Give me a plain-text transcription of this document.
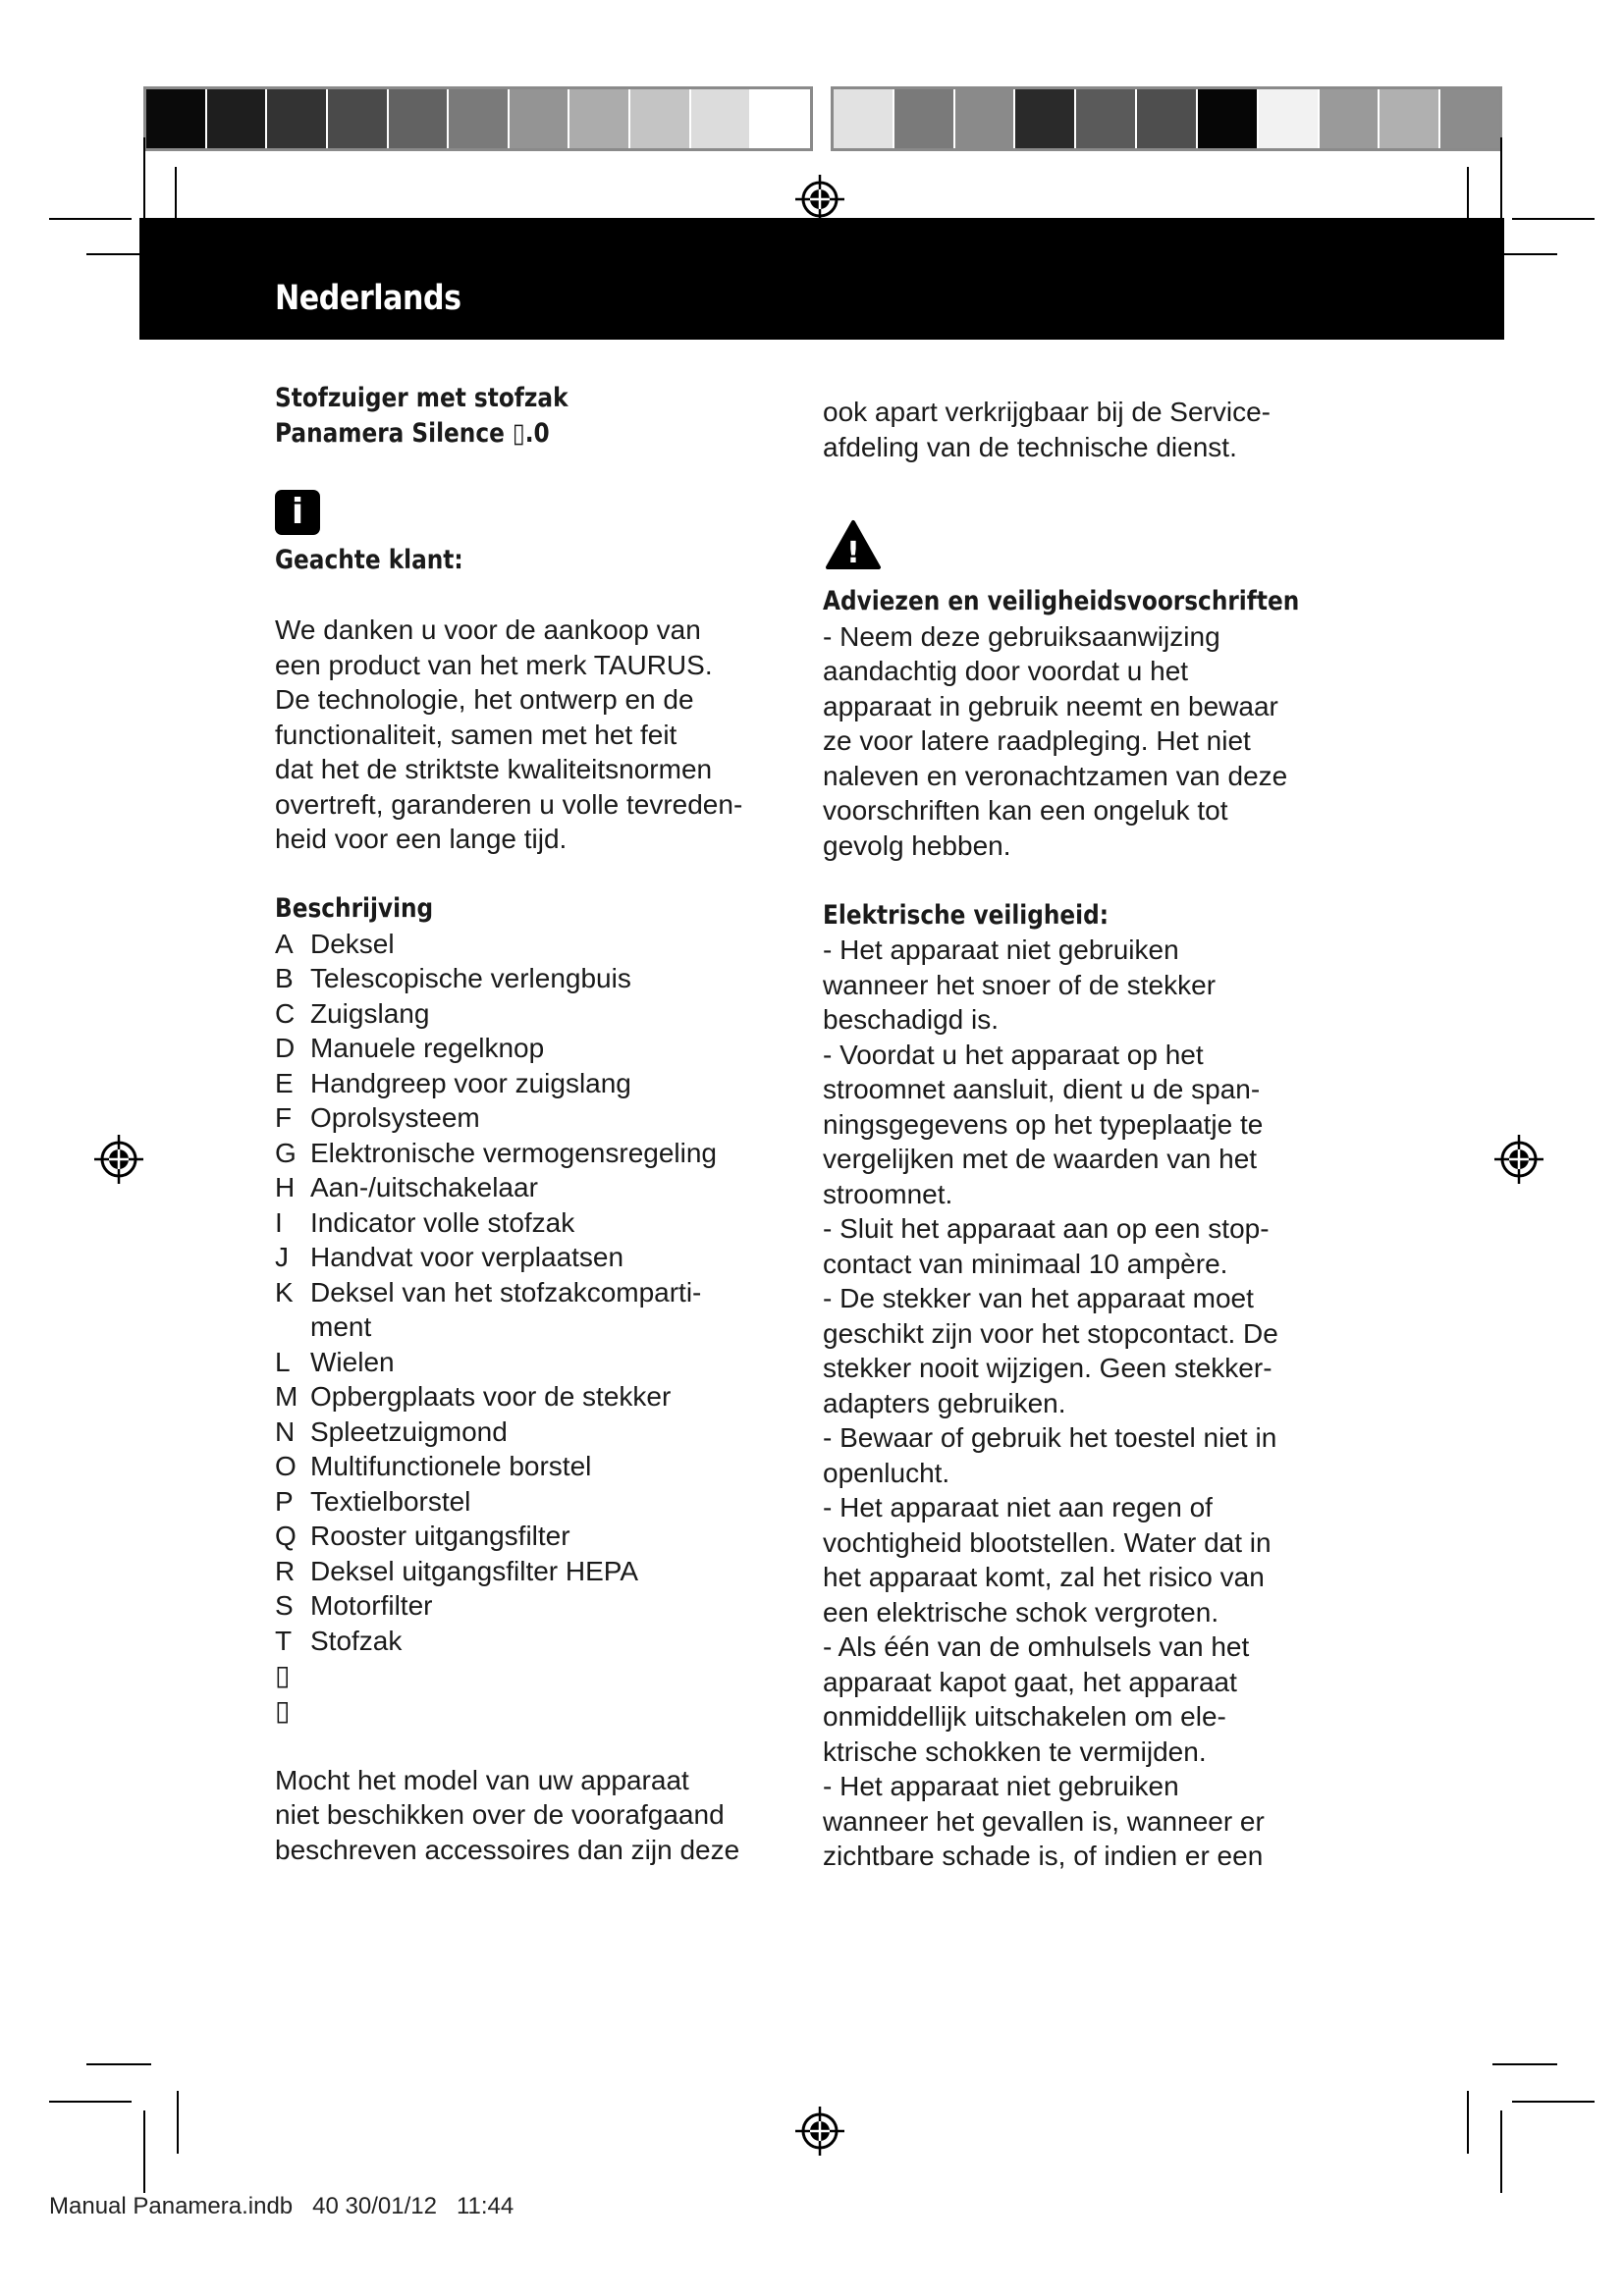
Nederlands
Stofzuiger met stofzak
Panamera Silence ▯.0
i
Geachte klant:
We danken u voor de aankoop van
een product van het merk TAURUS.
De technologie, het ontwerp en de
functionaliteit, samen met het feit
dat het de striktste kwaliteitsnormen
overtreft, garanderen u volle tevreden-
heid voor een lange tijd.
Beschrijving
A Deksel
B Telescopische verlengbuis
C Zuigslang
D Manuele regelknop
E Handgreep voor zuigslang
F Oprolsysteem
G Elektronische vermogensregeling
H Aan-/uitschakelaar
I Indicator volle stofzak
J Handvat voor verplaatsen
K Deksel van het stofzakcomparti-
ment
L Wielen
M Opbergplaats voor de stekker
N Spleetzuigmond
O Multifunctionele borstel
P Textielborstel
Q Rooster uitgangsfilter
R Deksel uitgangsfilter HEPA
S Motorfilter
T Stofzak
▯
▯
Mocht het model van uw apparaat
niet beschikken over de voorafgaand
beschreven accessoires dan zijn deze
ook apart verkrijgbaar bij de Service-
afdeling van de technische dienst.
!
Adviezen en veiligheidsvoorschriften
- Neem deze gebruiksaanwijzing
aandachtig door voordat u het
apparaat in gebruik neemt en bewaar
ze voor latere raadpleging. Het niet
naleven en veronachtzamen van deze
voorschriften kan een ongeluk tot
gevolg hebben.
Elektrische veiligheid:
- Het apparaat niet gebruiken
wanneer het snoer of de stekker
beschadigd is.
- Voordat u het apparaat op het
stroomnet aansluit, dient u de span-
ningsgegevens op het typeplaatje te
vergelijken met de waarden van het
stroomnet.
- Sluit het apparaat aan op een stop-
contact van minimaal 10 ampère.
- De stekker van het apparaat moet
geschikt zijn voor het stopcontact. De
stekker nooit wijzigen. Geen stekker-
adapters gebruiken.
- Bewaar of gebruik het toestel niet in
openlucht.
- Het apparaat niet aan regen of
vochtigheid blootstellen. Water dat in
het apparaat komt, zal het risico van
een elektrische schok vergroten.
- Als één van de omhulsels van het
apparaat kapot gaat, het apparaat
onmiddellijk uitschakelen om ele-
ktrische schokken te vermijden.
- Het apparaat niet gebruiken
wanneer het gevallen is, wanneer er
zichtbare schade is, of indien er een
Manual Panamera.indb   40 30/01/12   11:44
